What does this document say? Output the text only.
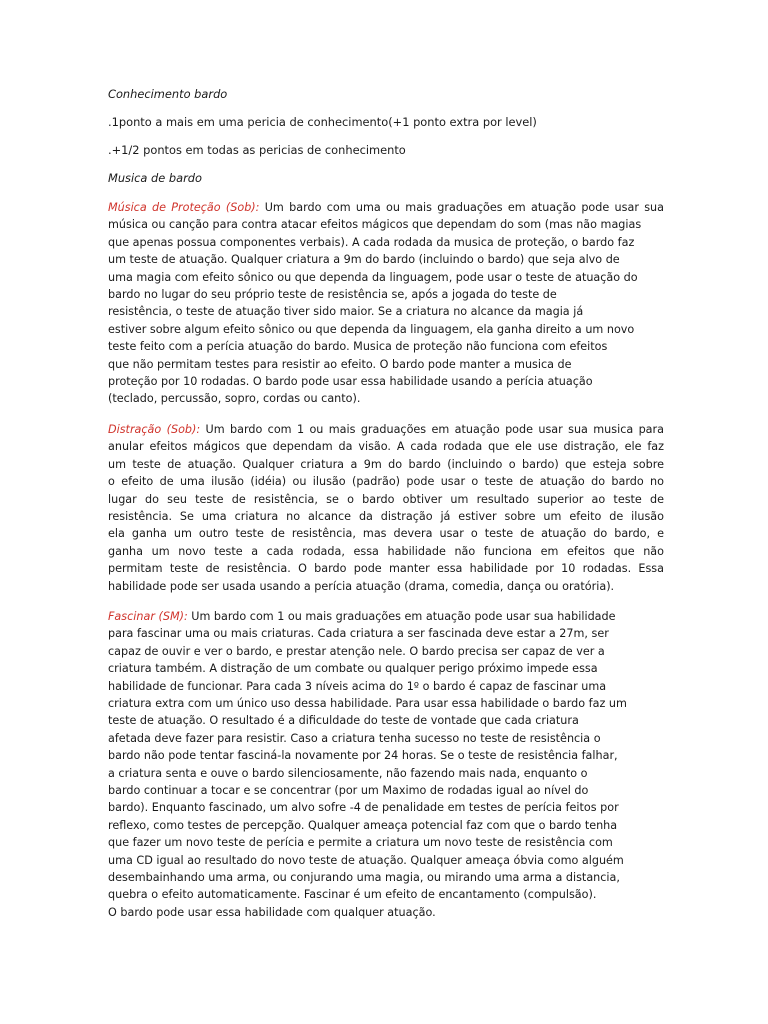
Conhecimento bardo

.1ponto a mais em uma pericia de conhecimento(+1 ponto extra por level)

.+1/2 pontos em todas as pericias de conhecimento

Musica de bardo

Música de Proteção (Sob): Um bardo com uma ou mais graduações em atuação pode usar sua
música ou canção para contra atacar efeitos mágicos que dependam do som (mas não magias
que apenas possua componentes verbais). A cada rodada da musica de proteção, o bardo faz
um teste de atuação. Qualquer criatura a 9m do bardo (incluindo o bardo) que seja alvo de
uma magia com efeito sônico ou que dependa da linguagem, pode usar o teste de atuação do
bardo no lugar do seu próprio teste de resistência se, após a jogada do teste de
resistência, o teste de atuação tiver sido maior. Se a criatura no alcance da magia já
estiver sobre algum efeito sônico ou que dependa da linguagem, ela ganha direito a um novo
teste feito com a perícia atuação do bardo. Musica de proteção não funciona com efeitos
que não permitam testes para resistir ao efeito. O bardo pode manter a musica de
proteção por 10 rodadas. O bardo pode usar essa habilidade usando a perícia atuação
(teclado, percussão, sopro, cordas ou canto).
Distração (Sob): Um bardo com 1 ou mais graduações em atuação pode usar sua musica para
anular efeitos mágicos que dependam da visão. A cada rodada que ele use distração, ele faz
um teste de atuação. Qualquer criatura a 9m do bardo (incluindo o bardo) que esteja sobre
o efeito de uma ilusão (idéia) ou ilusão (padrão) pode usar o teste de atuação do bardo no
lugar do seu teste de resistência, se o bardo obtiver um resultado superior ao teste de
resistência. Se uma criatura no alcance da distração já estiver sobre um efeito de ilusão
ela ganha um outro teste de resistência, mas devera usar o teste de atuação do bardo, e
ganha um novo teste a cada rodada, essa habilidade não funciona em efeitos que não
permitam teste de resistência. O bardo pode manter essa habilidade por 10 rodadas. Essa
habilidade pode ser usada usando a perícia atuação (drama, comedia, dança ou oratória).
Fascinar (SM): Um bardo com 1 ou mais graduações em atuação pode usar sua habilidade
para fascinar uma ou mais criaturas. Cada criatura a ser fascinada deve estar a 27m, ser
capaz de ouvir e ver o bardo, e prestar atenção nele. O bardo precisa ser capaz de ver a
criatura também. A distração de um combate ou qualquer perigo próximo impede essa
habilidade de funcionar. Para cada 3 níveis acima do 1º o bardo é capaz de fascinar uma
criatura extra com um único uso dessa habilidade. Para usar essa habilidade o bardo faz um
teste de atuação. O resultado é a dificuldade do teste de vontade que cada criatura
afetada deve fazer para resistir. Caso a criatura tenha sucesso no teste de resistência o
bardo não pode tentar fasciná-la novamente por 24 horas. Se o teste de resistência falhar,
a criatura senta e ouve o bardo silenciosamente, não fazendo mais nada, enquanto o
bardo continuar a tocar e se concentrar (por um Maximo de rodadas igual ao nível do
bardo). Enquanto fascinado, um alvo sofre -4 de penalidade em testes de perícia feitos por
reflexo, como testes de percepção. Qualquer ameaça potencial faz com que o bardo tenha
que fazer um novo teste de perícia e permite a criatura um novo teste de resistência com
uma CD igual ao resultado do novo teste de atuação. Qualquer ameaça óbvia como alguém
desembainhando uma arma, ou conjurando uma magia, ou mirando uma arma a distancia,
quebra o efeito automaticamente. Fascinar é um efeito de encantamento (compulsão).
O bardo pode usar essa habilidade com qualquer atuação.
